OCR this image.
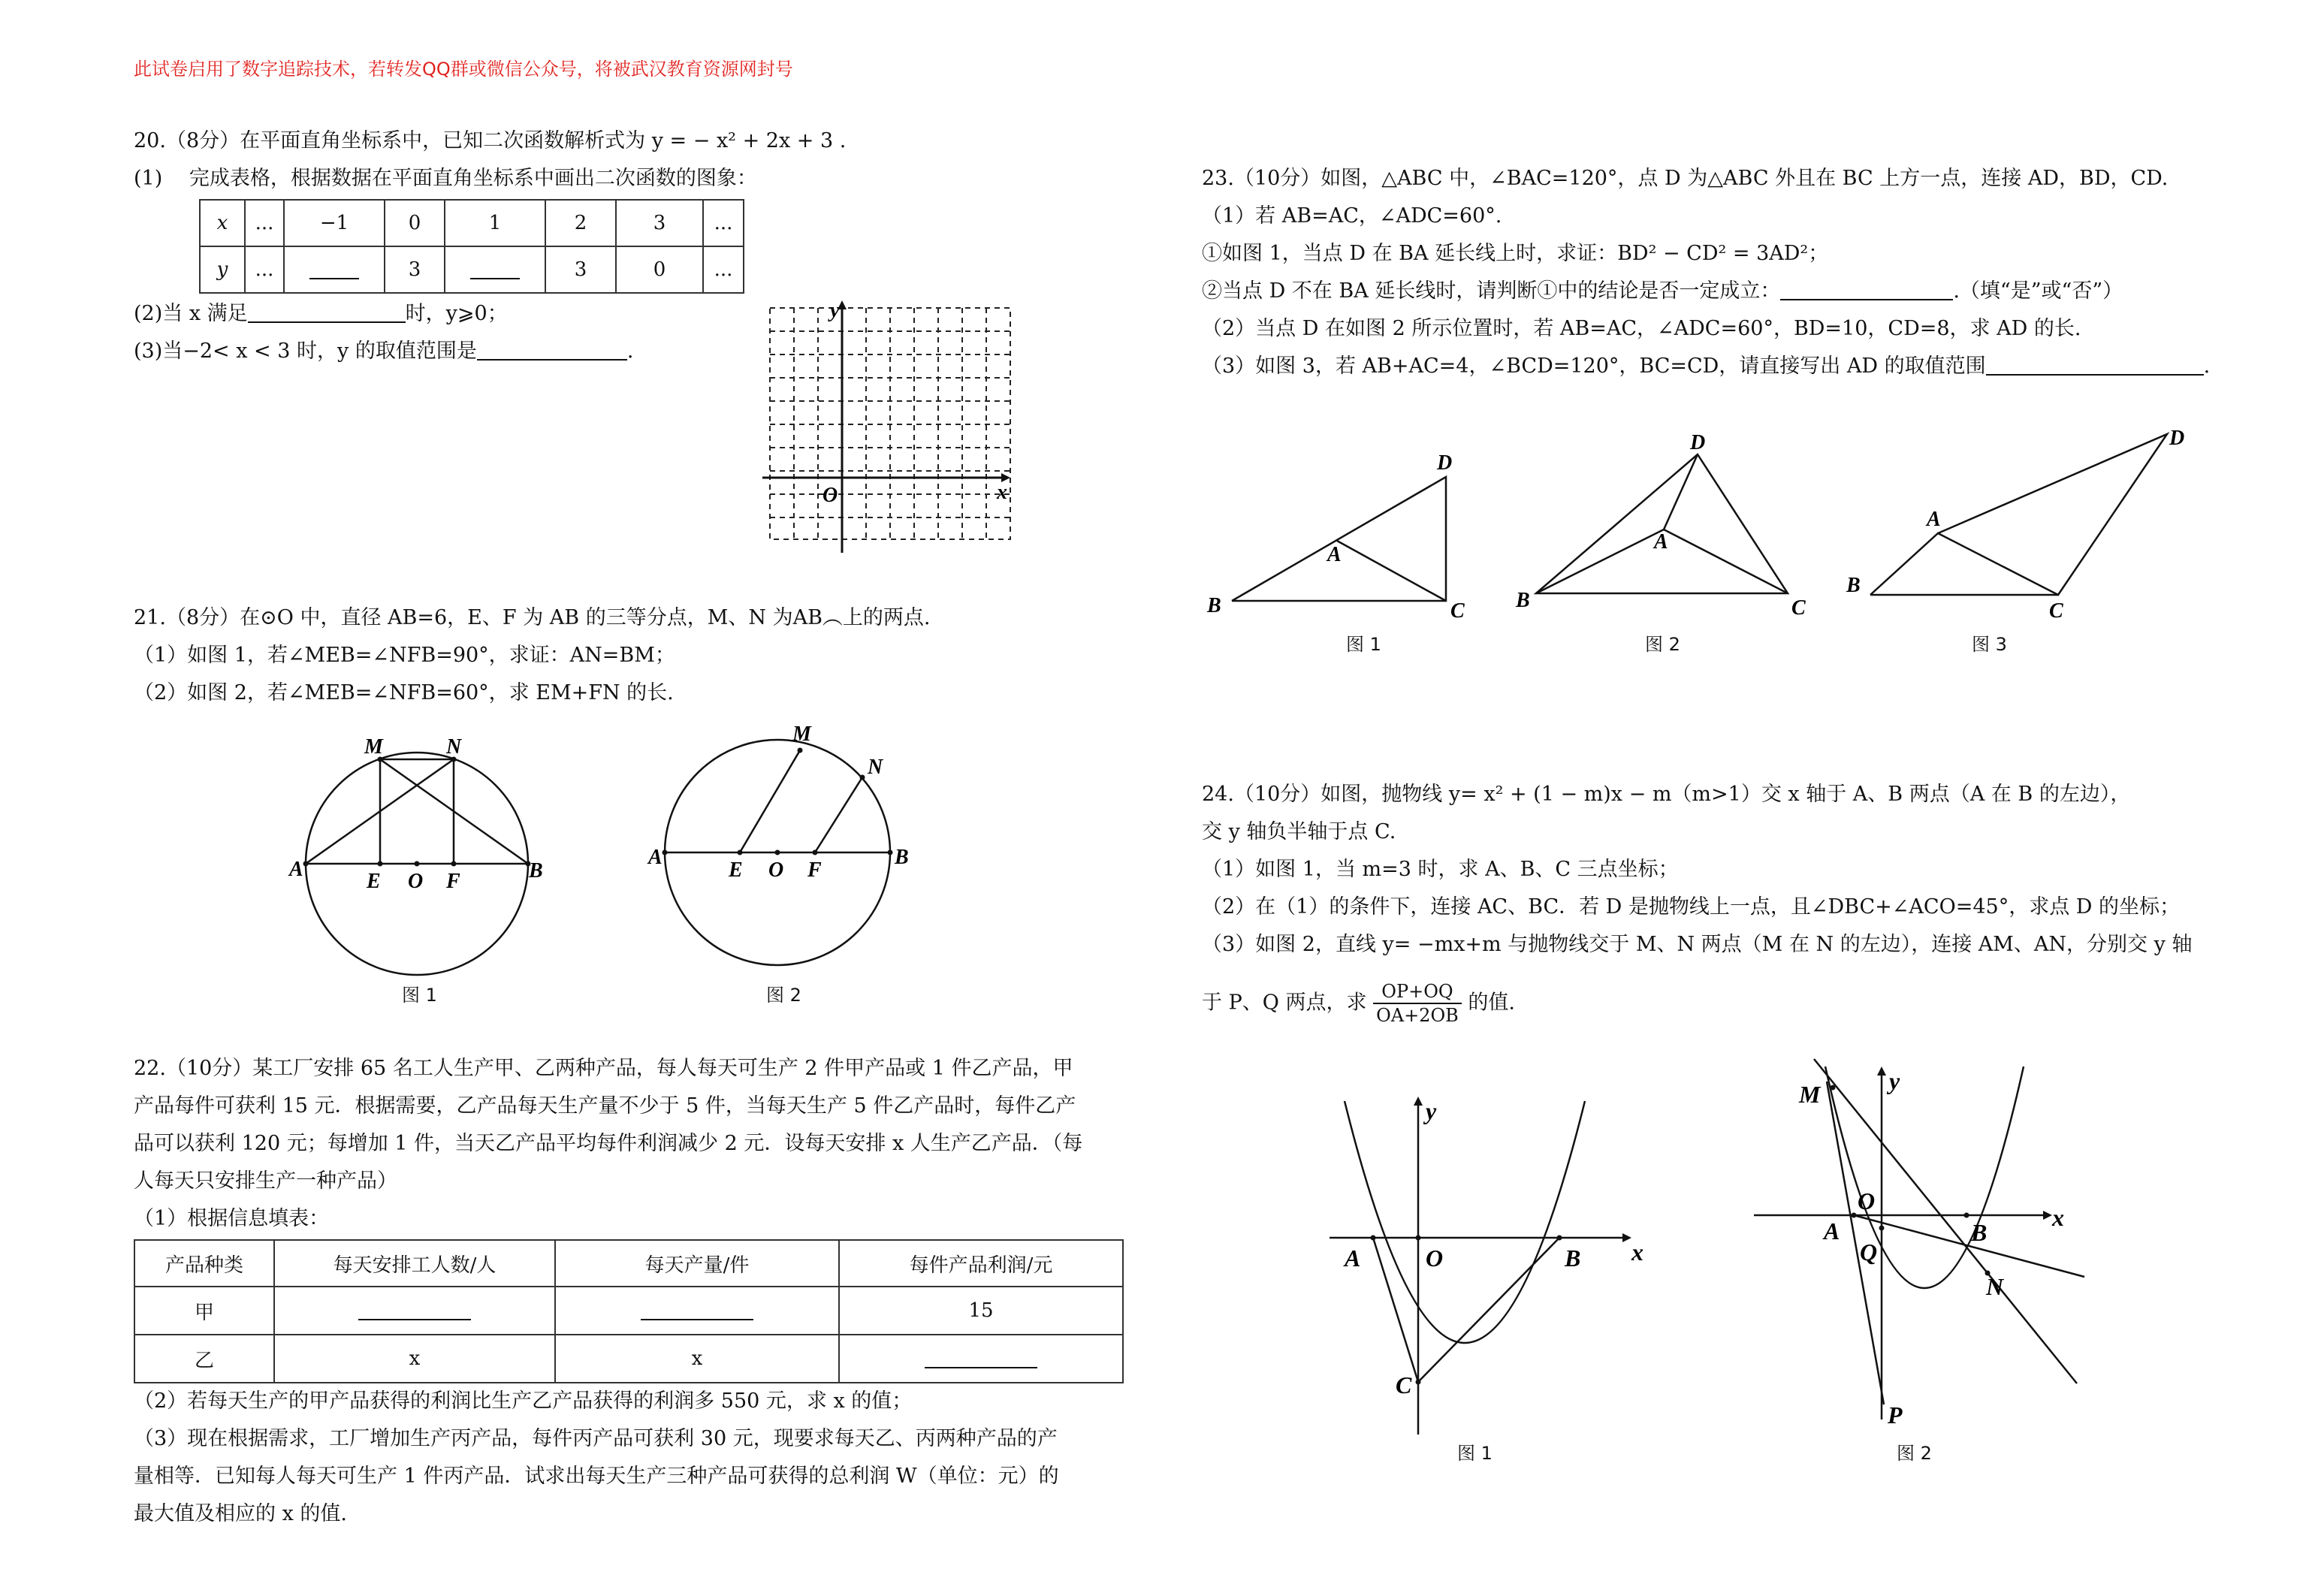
此试卷启用了数字追踪技术，若转发QQ群或微信公众号，将被武汉教育资源网封号
20.（8分）在平面直角坐标系中，已知二次函数解析式为 y = − x² + 2x + 3 .
(1)　 完成表格，根据数据在平面直角坐标系中画出二次函数的图象：
x	...	−1	0	1	2	3	...
y	...		3		3	0	...
(2)当 x 满足	时，y⩾0；
(3)当−2< x < 3 时，y 的取值范围是	.
y
O	x
21.（8分）在⊙O 中，直径 AB=6，E、F 为 AB 的三等分点，M、N 为AB︵上的两点.
（1）如图 1，若∠MEB=∠NFB=90°，求证：AN=BM；
（2）如图 2，若∠MEB=∠NFB=60°，求 EM+FN 的长.
M	N
A
E O F	B
图 1
M
N
A
E O F
B
图 2
22.（10分）某工厂安排 65 名工人生产甲、乙两种产品，每人每天可生产 2 件甲产品或 1 件乙产品，甲
产品每件可获利 15 元．根据需要，乙产品每天生产量不少于 5 件，当每天生产 5 件乙产品时，每件乙产
品可以获利 120 元；每增加 1 件，当天乙产品平均每件利润减少 2 元．设每天安排 x 人生产乙产品．（每
人每天只安排生产一种产品）
（1）根据信息填表：
产品种类	每天安排工人数/人	每天产量/件	每件产品利润/元
甲			15
乙	x	x	
（2）若每天生产的甲产品获得的利润比生产乙产品获得的利润多 550 元，求 x 的值；
（3）现在根据需求，工厂增加生产丙产品，每件丙产品可获利 30 元，现要求每天乙、丙两种产品的产
量相等．已知每人每天可生产 1 件丙产品．试求出每天生产三种产品可获得的总利润 W（单位：元）的
最大值及相应的 x 的值.
23.（10分）如图，△ABC 中，∠BAC=120°，点 D 为△ABC 外且在 BC 上方一点，连接 AD，BD，CD.
（1）若 AB=AC，∠ADC=60°.
①如图 1，当点 D 在 BA 延长线上时，求证：BD² − CD² = 3AD²；
②当点 D 不在 BA 延长线时，请判断①中的结论是否一定成立：	.（填“是”或“否”）
（2）当点 D 在如图 2 所示位置时，若 AB=AC，∠ADC=60°，BD=10，CD=8，求 AD 的长.
（3）如图 3，若 AB+AC=4，∠BCD=120°，BC=CD，请直接写出 AD 的取值范围	.
B	C
D
A
图 1
B	C
D
A
图 2
B
C
D
A
图 3
24.（10分）如图，抛物线 y= x² + (1 − m)x − m（m>1）交 x 轴于 A、B 两点（A 在 B 的左边），
交 y 轴负半轴于点 C.
（1）如图 1，当 m=3 时，求 A、B、C 三点坐标；
（2）在（1）的条件下，连接 AC、BC．若 D 是抛物线上一点，且∠DBC+∠ACO=45°，求点 D 的坐标；
（3）如图 2，直线 y= −mx+m 与抛物线交于 M、N 两点（M 在 N 的左边），连接 AM、AN，分别交 y 轴
于 P、Q 两点，求 $\frac{OP+OQ}{OA+2OB}$ 的值.
y
x
A	O	B
C
图 1
y
x
M
O
A
Q
B
N
P
图 2
